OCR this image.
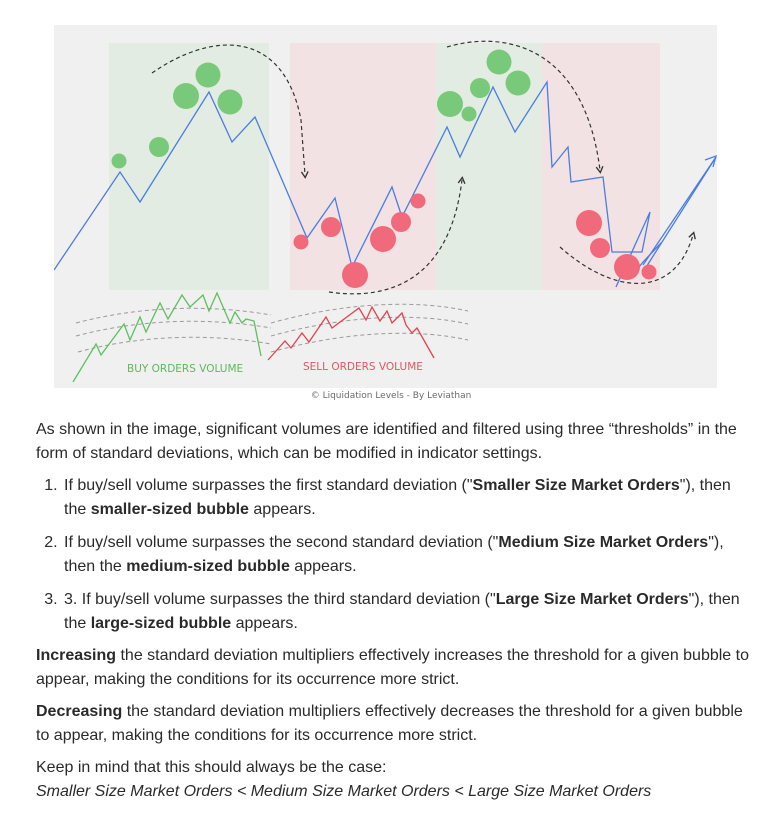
BUY ORDERS VOLUME	SELL ORDERS VOLUME
© Liquidation Levels - By Leviathan

As shown in the image, significant volumes are identified and filtered using three “thresholds” in the form of standard deviations, which can be modified in indicator settings.

1. If buy/sell volume surpasses the first standard deviation ("Smaller Size Market Orders"), then the smaller-sized bubble appears.
2. If buy/sell volume surpasses the second standard deviation ("Medium Size Market Orders"), then the medium-sized bubble appears.
3. 3. If buy/sell volume surpasses the third standard deviation ("Large Size Market Orders"), then the large-sized bubble appears.

Increasing the standard deviation multipliers effectively increases the threshold for a given bubble to appear, making the conditions for its occurrence more strict.

Decreasing the standard deviation multipliers effectively decreases the threshold for a given bubble to appear, making the conditions for its occurrence more strict.

Keep in mind that this should always be the case:

Smaller Size Market Orders < Medium Size Market Orders < Large Size Market Orders
